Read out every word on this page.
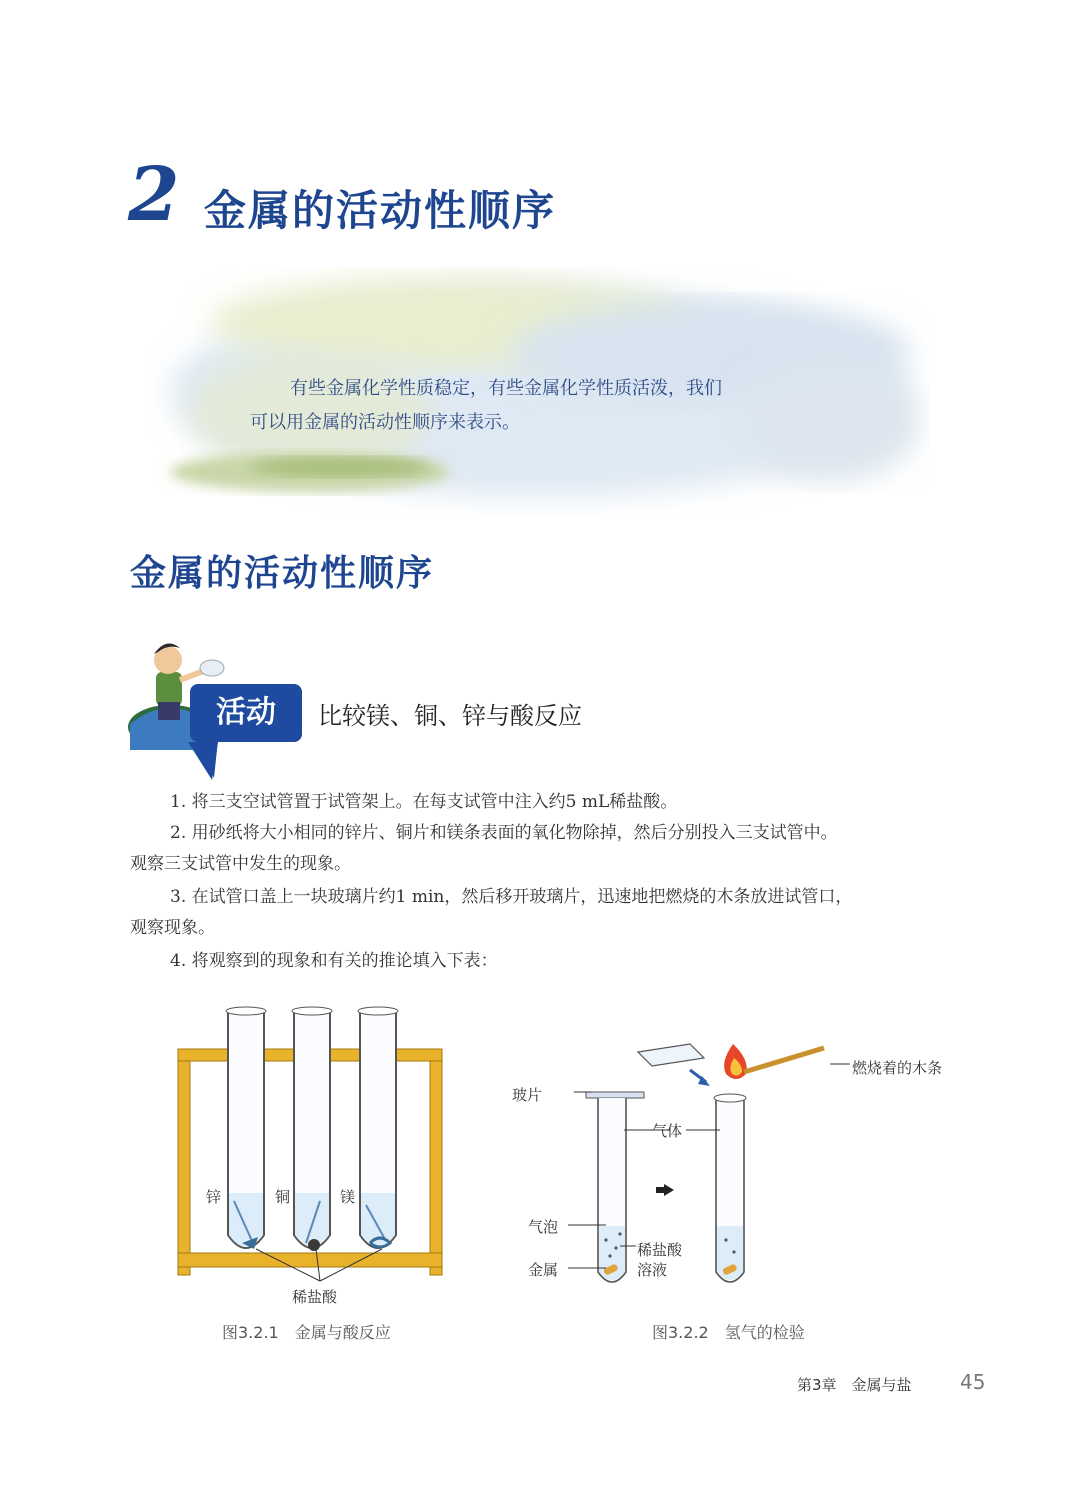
2 金属的活动性顺序

有些金属化学性质稳定，有些金属化学性质活泼，我们

可以用金属的活动性顺序来表示。

金属的活动性顺序
活动	比较镁、铜、锌与酸反应
1. 将三支空试管置于试管架上。在每支试管中注入约5 mL稀盐酸。
2. 用砂纸将大小相同的锌片、铜片和镁条表面的氧化物除掉，然后分别投入三支试管中。
观察三支试管中发生的现象。
3. 在试管口盖上一块玻璃片约1 min，然后移开玻璃片，迅速地把燃烧的木条放进试管口，
观察现象。
4. 将观察到的现象和有关的推论填入下表：
锌	铜	镁
稀盐酸
图3.2.1　金属与酸反应
玻片
气体
气泡
稀盐酸
溶液
金属
燃烧着的木条
图3.2.2　氢气的检验
第3章　金属与盐 45
